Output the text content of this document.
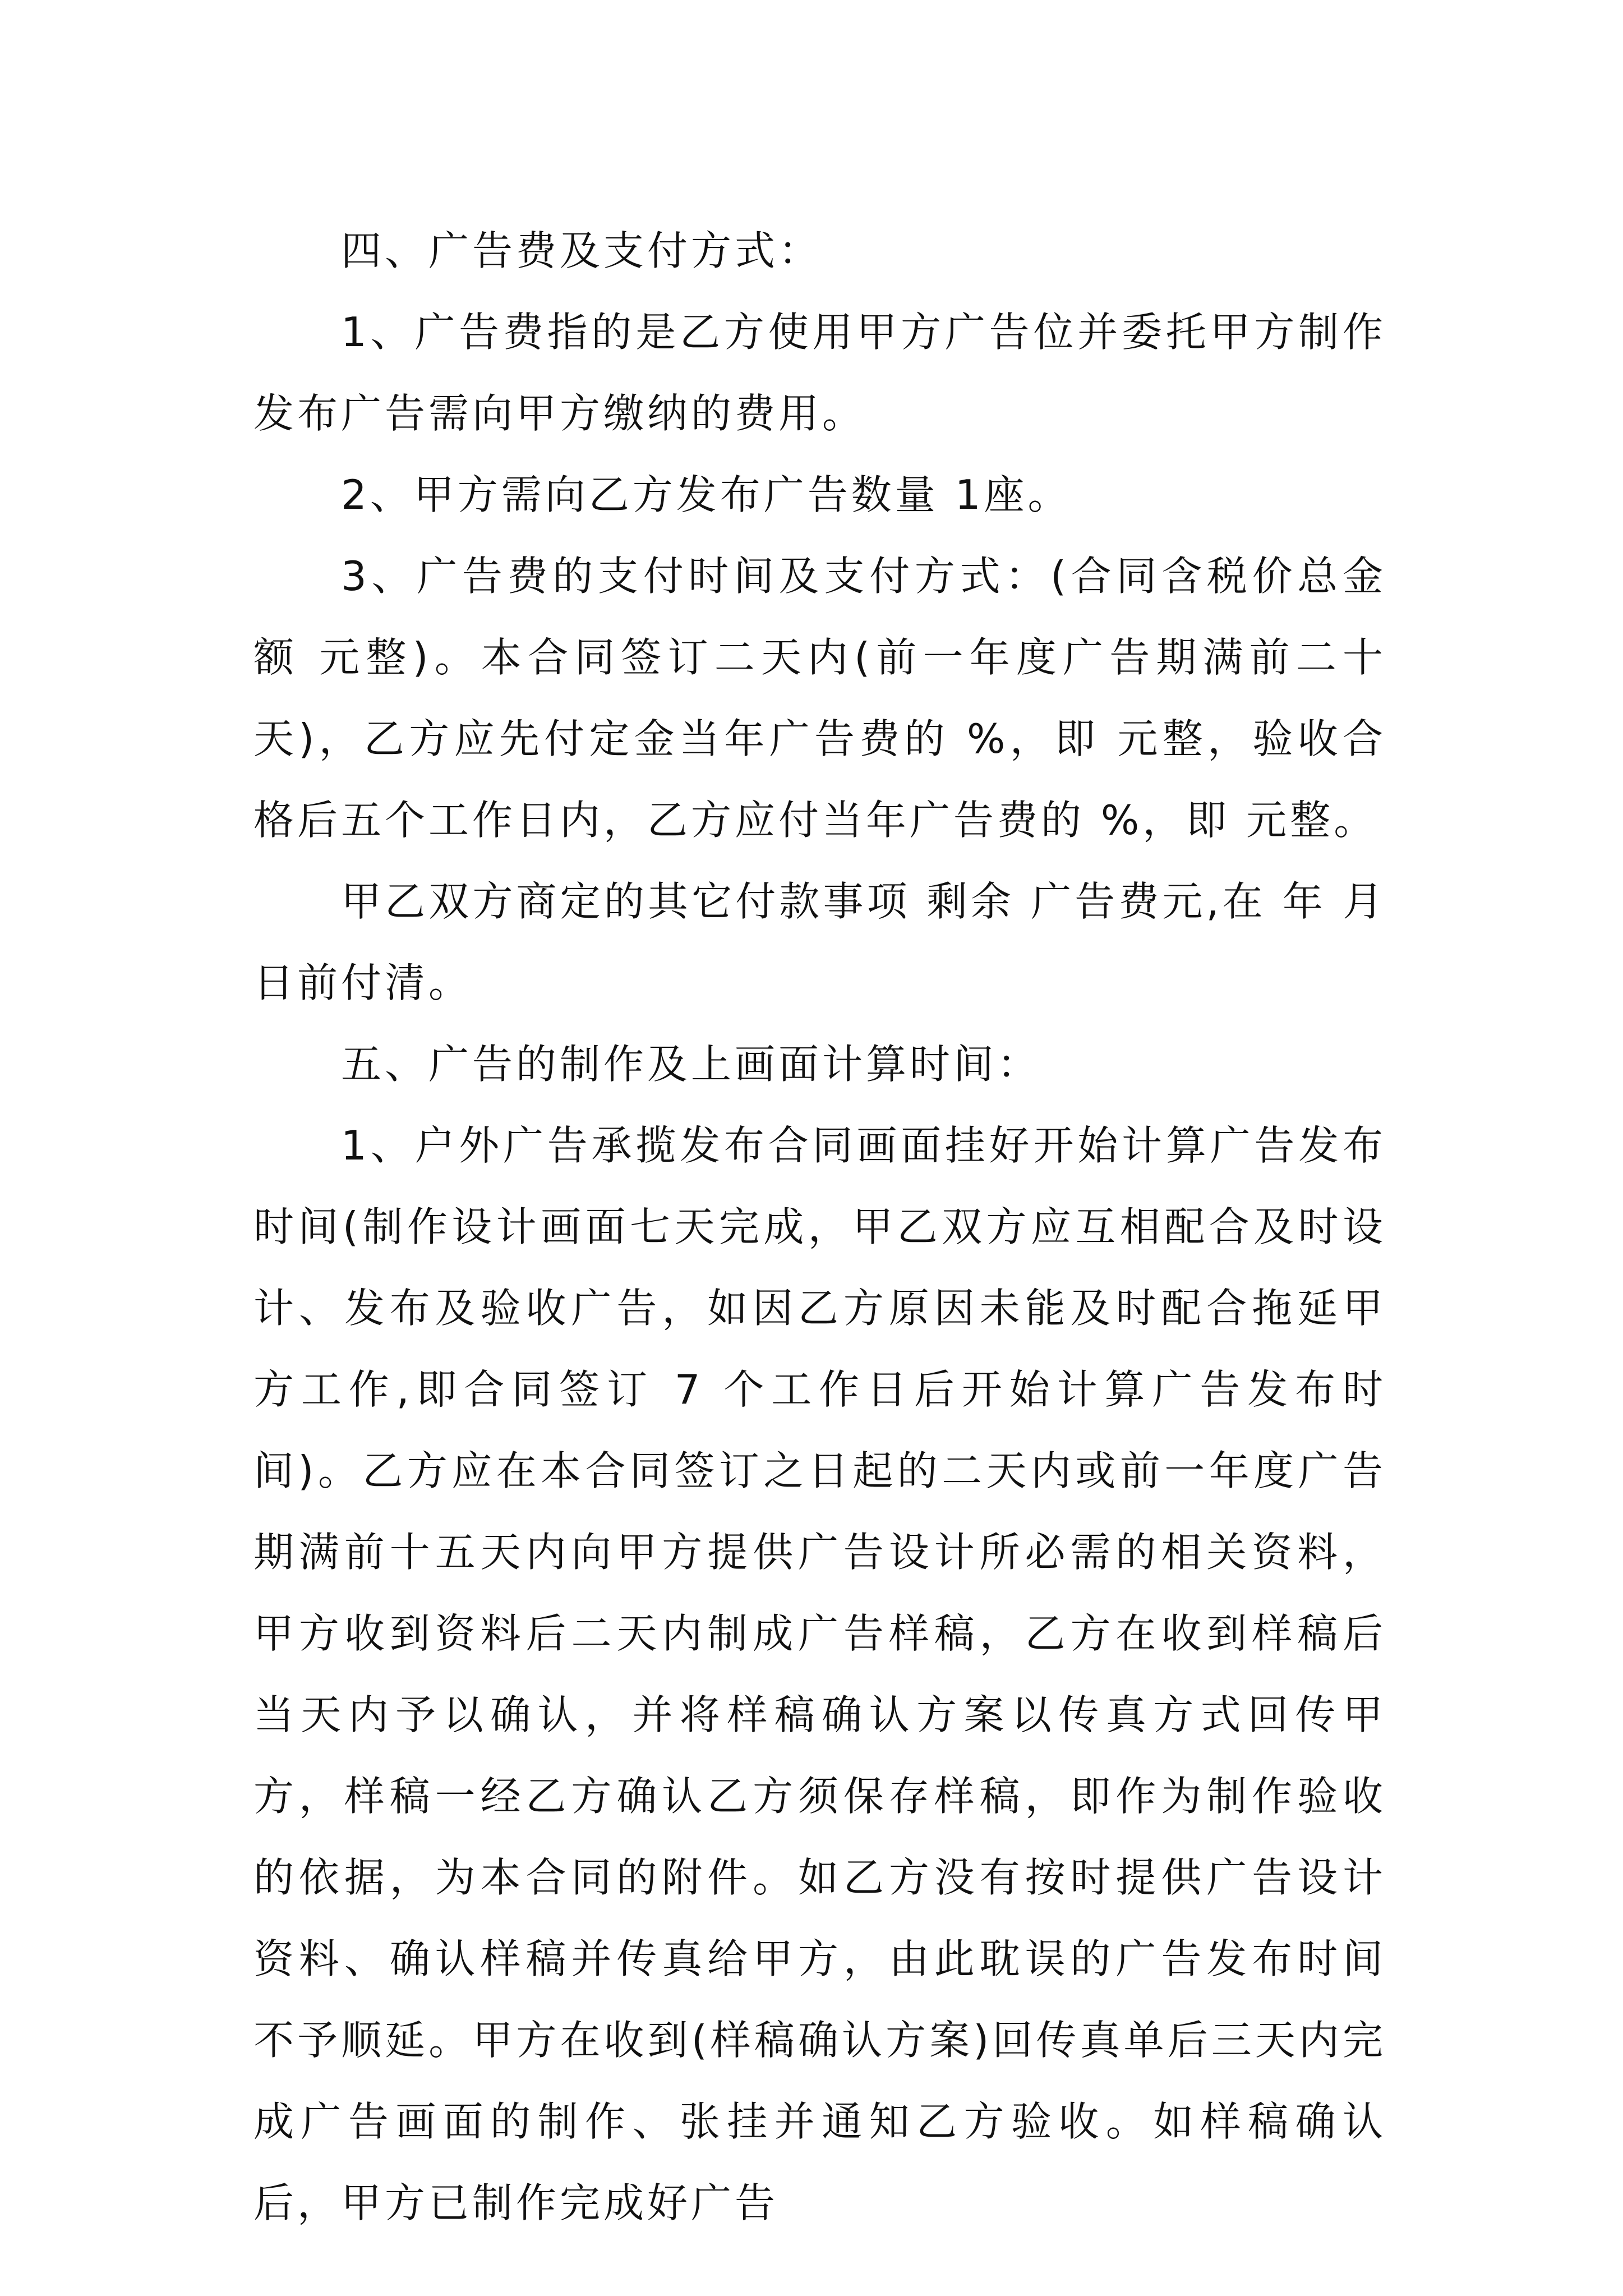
四、广告费及支付方式：

1、广告费指的是乙方使用甲方广告位并委托甲方制作发布广告需向甲方缴纳的费用。

2、甲方需向乙方发布广告数量 1座。

3、广告费的支付时间及支付方式：(合同含税价总金额 元整)。本合同签订二天内(前一年度广告期满前二十天)，乙方应先付定金当年广告费的 %，即 元整，验收合格后五个工作日内，乙方应付当年广告费的 %，即 元整。

甲乙双方商定的其它付款事项 剩余 广告费元,在 年 月 日前付清。

五、广告的制作及上画面计算时间：

1、户外广告承揽发布合同画面挂好开始计算广告发布时间(制作设计画面七天完成，甲乙双方应互相配合及时设计、发布及验收广告，如因乙方原因未能及时配合拖延甲方工作,即合同签订 7 个工作日后开始计算广告发布时间)。乙方应在本合同签订之日起的二天内或前一年度广告期满前十五天内向甲方提供广告设计所必需的相关资料，甲方收到资料后二天内制成广告样稿，乙方在收到样稿后当天内予以确认，并将样稿确认方案以传真方式回传甲方，样稿一经乙方确认乙方须保存样稿，即作为制作验收的依据，为本合同的附件。如乙方没有按时提供广告设计资料、确认样稿并传真给甲方，由此耽误的广告发布时间不予顺延。甲方在收到(样稿确认方案)回传真单后三天内完成广告画面的制作、张挂并通知乙方验收。如样稿确认后，甲方已制作完成好广告
